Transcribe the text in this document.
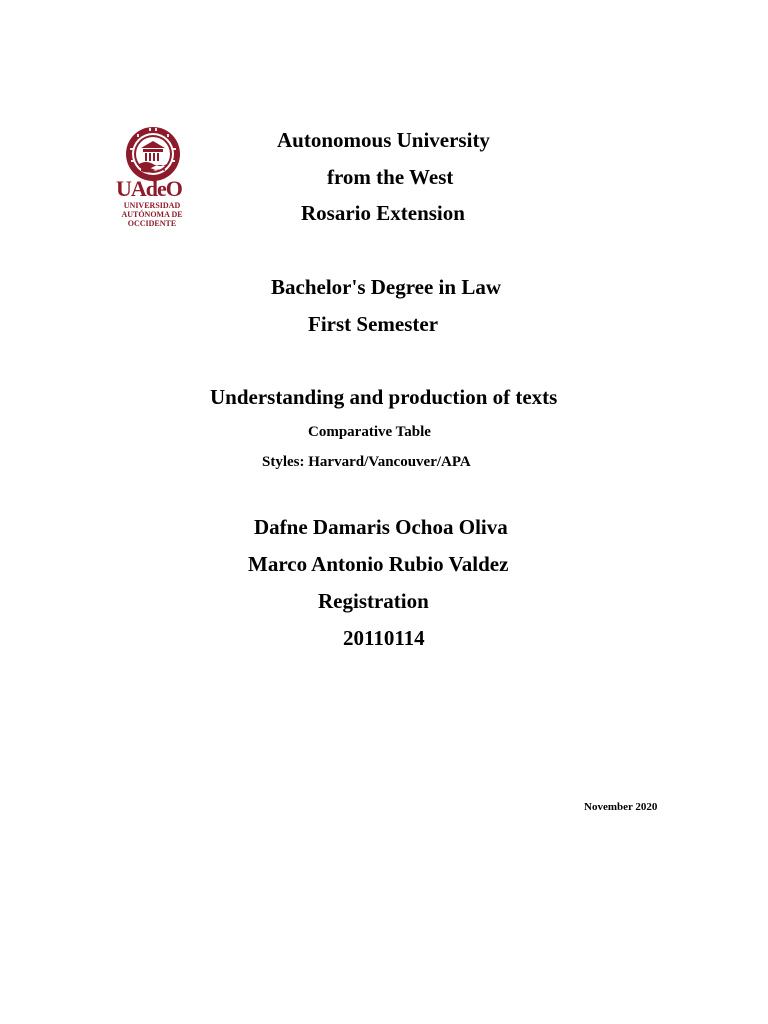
UAdeO
UNIVERSIDAD
AUTÓNOMA DE
OCCIDENTE
Autonomous University
from the West
Rosario Extension
Bachelor's Degree in Law
First Semester
Understanding and production of texts
Comparative Table
Styles: Harvard/Vancouver/APA
Dafne Damaris Ochoa Oliva
Marco Antonio Rubio Valdez
Registration
20110114
November 2020
